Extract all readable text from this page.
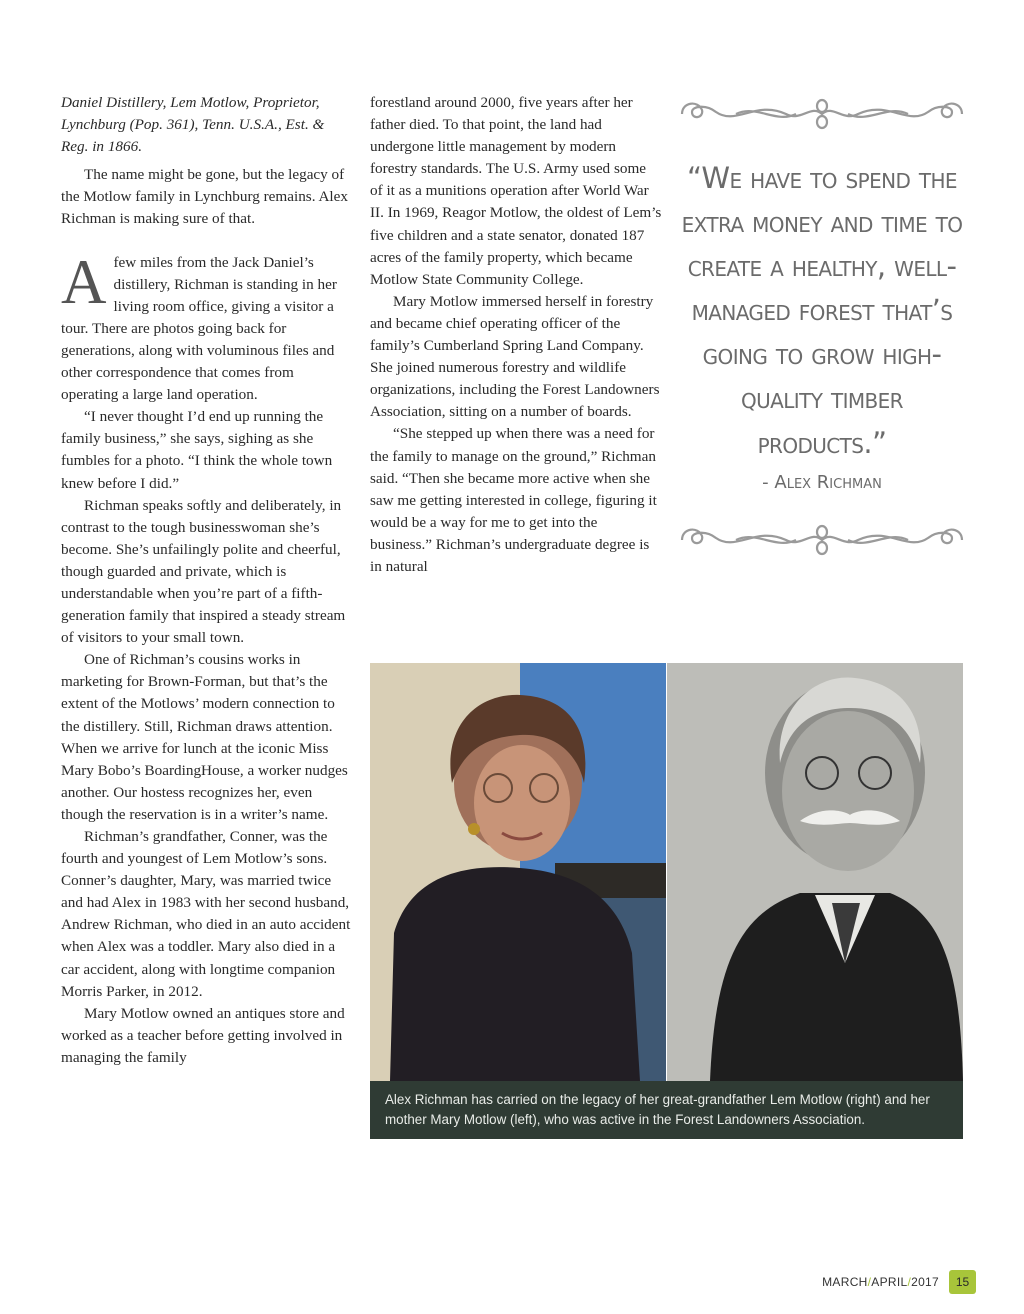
Daniel Distillery, Lem Motlow, Proprietor, Lynchburg (Pop. 361), Tenn. U.S.A., Est. & Reg. in 1866.

The name might be gone, but the legacy of the Motlow family in Lynchburg remains. Alex Richman is making sure of that.

Afew miles from the Jack Daniel’s distillery, Richman is standing in her living room office, giving a visitor a tour. There are photos going back for generations, along with voluminous files and other correspondence that comes from operating a large land operation.

“I never thought I’d end up running the family business,” she says, sighing as she fumbles for a photo. “I think the whole town knew before I did.”

Richman speaks softly and deliberately, in contrast to the tough businesswoman she’s become. She’s unfailingly polite and cheerful, though guarded and private, which is understandable when you’re part of a fifth-generation family that inspired a steady stream of visitors to your small town.

One of Richman’s cousins works in marketing for Brown-Forman, but that’s the extent of the Motlows’ modern connection to the distillery. Still, Richman draws attention. When we arrive for lunch at the iconic Miss Mary Bobo’s BoardingHouse, a worker nudges another. Our hostess recognizes her, even though the reservation is in a writer’s name.

Richman’s grandfather, Conner, was the fourth and youngest of Lem Motlow’s sons. Conner’s daughter, Mary, was married twice and had Alex in 1983 with her second husband, Andrew Richman, who died in an auto accident when Alex was a toddler. Mary also died in a car accident, along with longtime companion Morris Parker, in 2012.

Mary Motlow owned an antiques store and worked as a teacher before getting involved in managing the family

forestland around 2000, five years after her father died. To that point, the land had undergone little management by modern forestry standards. The U.S. Army used some of it as a munitions operation after World War II. In 1969, Reagor Motlow, the oldest of Lem’s five children and a state senator, donated 187 acres of the family property, which became Motlow State Community College.

Mary Motlow immersed herself in forestry and became chief operating officer of the family’s Cumberland Spring Land Company. She joined numerous forestry and wildlife organizations, including the Forest Landowners Association, sitting on a number of boards.

“She stepped up when there was a need for the family to manage on the ground,” Richman said. “Then she became more active when she saw me getting interested in college, figuring it would be a way for me to get into the business.” Richman’s undergraduate degree is in natural

“We have to spend the extra money and time to create a healthy, well-managed forest that’s going to grow high-quality timber products.”
- Alex Richman
Alex Richman has carried on the legacy of her great-grandfather Lem Motlow (right) and her mother Mary Motlow (left), who was active in the Forest Landowners Association.
MARCH/APRIL/2017	15
